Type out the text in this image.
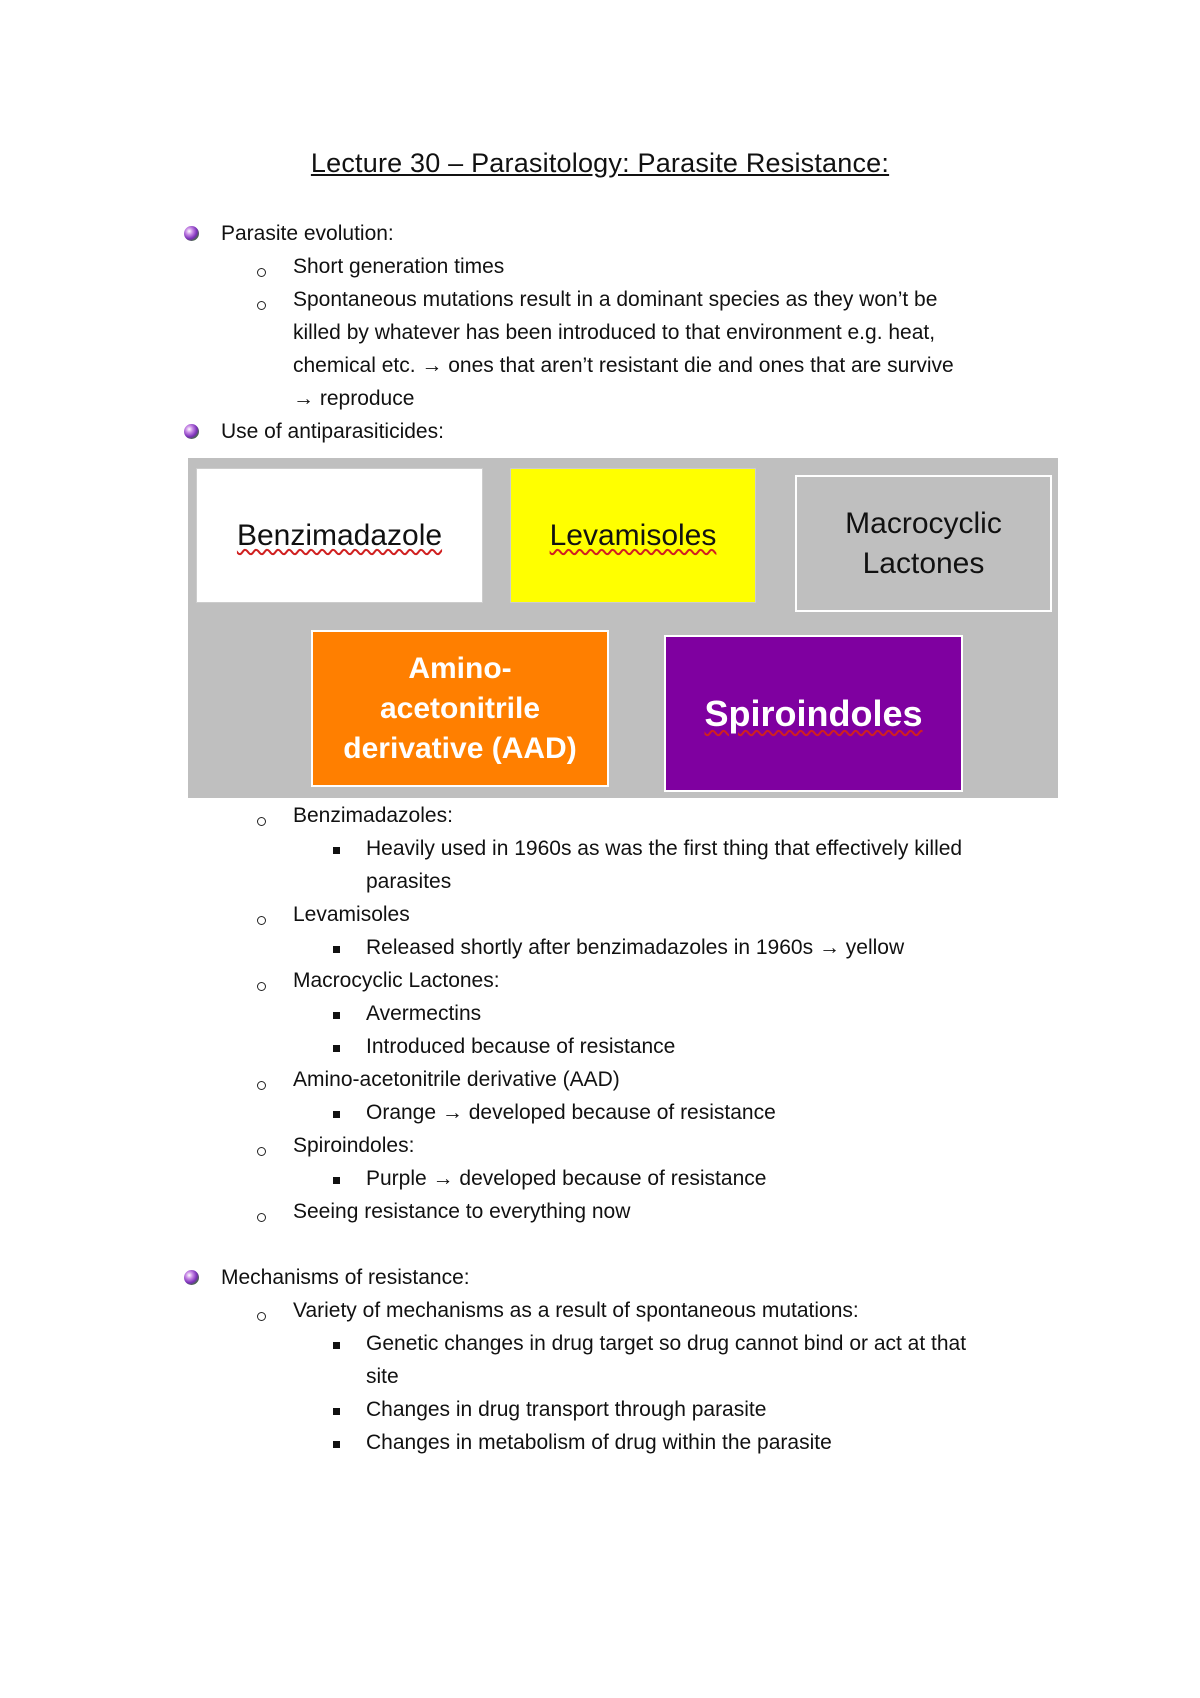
Lecture 30 – Parasitology: Parasite Resistance:
Parasite evolution:
Short generation times
Spontaneous mutations result in a dominant species as they won’t be
killed by whatever has been introduced to that environment e.g. heat,
chemical etc. → ones that aren’t resistant die and ones that are survive
→ reproduce
Use of antiparasiticides:
Benzimadazole	Levamisoles	Macrocyclic
Lactones
Amino-
acetonitrile
derivative (AAD)
Spiroindoles
Benzimadazoles:
Heavily used in 1960s as was the first thing that effectively killed
parasites
Levamisoles
Released shortly after benzimadazoles in 1960s → yellow
Macrocyclic Lactones:
Avermectins
Introduced because of resistance
Amino-acetonitrile derivative (AAD)
Orange → developed because of resistance
Spiroindoles:
Purple → developed because of resistance
Seeing resistance to everything now
Mechanisms of resistance:
Variety of mechanisms as a result of spontaneous mutations:
Genetic changes in drug target so drug cannot bind or act at that
site
Changes in drug transport through parasite
Changes in metabolism of drug within the parasite
